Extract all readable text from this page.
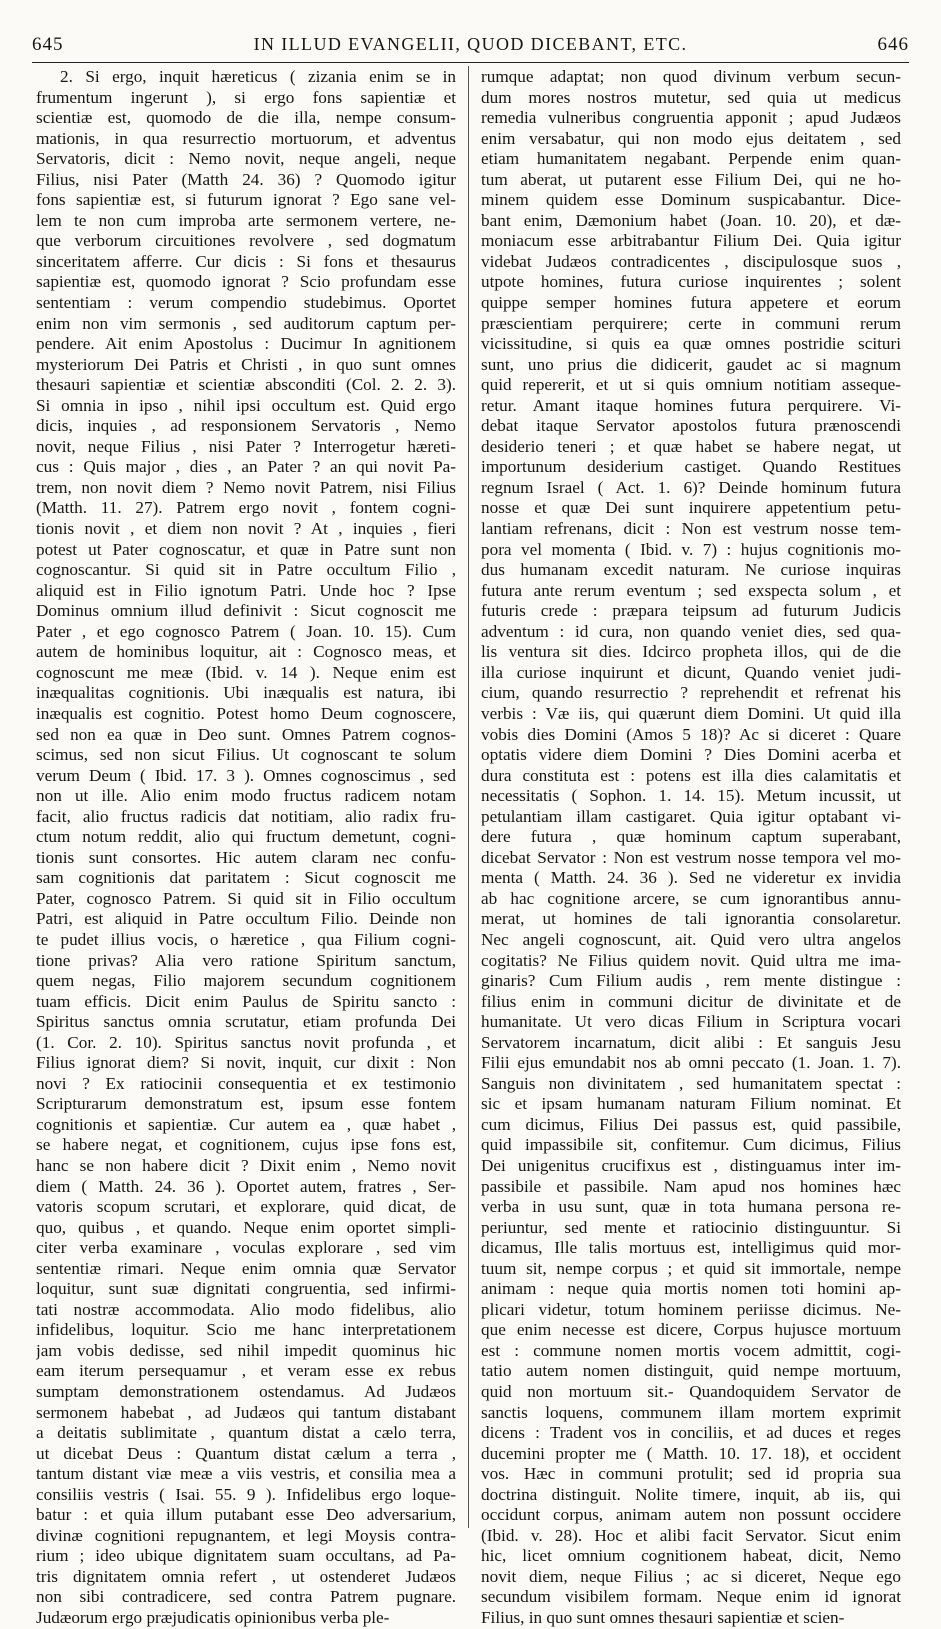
645	IN ILLUD EVANGELII, QUOD DICEBANT, ETC.	646
2. Si ergo, inquit hæreticus ( zizania enim se in
frumentum ingerunt ), si ergo fons sapientiæ et
scientiæ est, quomodo de die illa, nempe consum-
mationis, in qua resurrectio mortuorum, et adventus
Servatoris, dicit : Nemo novit, neque angeli, neque
Filius, nisi Pater (Matth 24. 36) ? Quomodo igitur
fons sapientiæ est, si futurum ignorat ? Ego sane vel-
lem te non cum improba arte sermonem vertere, ne-
que verborum circuitiones revolvere , sed dogmatum
sinceritatem afferre. Cur dicis : Si fons et thesaurus
sapientiæ est, quomodo ignorat ? Scio profundam esse
sententiam : verum compendio studebimus. Oportet
enim non vim sermonis , sed auditorum captum per-
pendere. Ait enim Apostolus : Ducimur In agnitionem
mysteriorum Dei Patris et Christi , in quo sunt omnes
thesauri sapientiæ et scientiæ absconditi (Col. 2. 2. 3).
Si omnia in ipso , nihil ipsi occultum est. Quid ergo
dicis, inquies , ad responsionem Servatoris , Nemo
novit, neque Filius , nisi Pater ? Interrogetur hæreti-
cus : Quis major , dies , an Pater ? an qui novit Pa-
trem, non novit diem ? Nemo novit Patrem, nisi Filius
(Matth. 11. 27). Patrem ergo novit , fontem cogni-
tionis novit , et diem non novit ? At , inquies , fieri
potest ut Pater cognoscatur, et quæ in Patre sunt non
cognoscantur. Si quid sit in Patre occultum Filio ,
aliquid est in Filio ignotum Patri. Unde hoc ? Ipse
Dominus omnium illud definivit : Sicut cognoscit me
Pater , et ego cognosco Patrem ( Joan. 10. 15). Cum
autem de hominibus loquitur, ait : Cognosco meas, et
cognoscunt me meæ (Ibid. v. 14 ). Neque enim est
inæqualitas cognitionis. Ubi inæqualis est natura, ibi
inæqualis est cognitio. Potest homo Deum cognoscere,
sed non ea quæ in Deo sunt. Omnes Patrem cognos-
scimus, sed non sicut Filius. Ut cognoscant te solum
verum Deum ( Ibid. 17. 3 ). Omnes cognoscimus , sed
non ut ille. Alio enim modo fructus radicem notam
facit, alio fructus radicis dat notitiam, alio radix fru-
ctum notum reddit, alio qui fructum demetunt, cogni-
tionis sunt consortes. Hic autem claram nec confu-
sam cognitionis dat paritatem : Sicut cognoscit me
Pater, cognosco Patrem. Si quid sit in Filio occultum
Patri, est aliquid in Patre occultum Filio. Deinde non
te pudet illius vocis, o hæretice , qua Filium cogni-
tione privas? Alia vero ratione Spiritum sanctum,
quem negas, Filio majorem secundum cognitionem
tuam efficis. Dicit enim Paulus de Spiritu sancto :
Spiritus sanctus omnia scrutatur, etiam profunda Dei
(1. Cor. 2. 10). Spiritus sanctus novit profunda , et
Filius ignorat diem? Si novit, inquit, cur dixit : Non
novi ? Ex ratiocinii consequentia et ex testimonio
Scripturarum demonstratum est, ipsum esse fontem
cognitionis et sapientiæ. Cur autem ea , quæ habet ,
se habere negat, et cognitionem, cujus ipse fons est,
hanc se non habere dicit ? Dixit enim , Nemo novit
diem ( Matth. 24. 36 ). Oportet autem, fratres , Ser-
vatoris scopum scrutari, et explorare, quid dicat, de
quo, quibus , et quando. Neque enim oportet simpli-
citer verba examinare , voculas explorare , sed vim
sententiæ rimari. Neque enim omnia quæ Servator
loquitur, sunt suæ dignitati congruentia, sed infirmi-
tati nostræ accommodata. Alio modo fidelibus, alio
infidelibus, loquitur. Scio me hanc interpretationem
jam vobis dedisse, sed nihil impedit quominus hic
eam iterum persequamur , et veram esse ex rebus
sumptam demonstrationem ostendamus. Ad Judæos
sermonem habebat , ad Judæos qui tantum distabant
a deitatis sublimitate , quantum distat a cælo terra,
ut dicebat Deus : Quantum distat cælum a terra ,
tantum distant viæ meæ a viis vestris, et consilia mea a
consiliis vestris ( Isai. 55. 9 ). Infidelibus ergo loque-
batur : et quia illum putabant esse Deo adversarium,
divinæ cognitioni repugnantem, et legi Moysis contra-
rium ; ideo ubique dignitatem suam occultans, ad Pa-
tris dignitatem omnia refert , ut ostenderet Judæos
non sibi contradicere, sed contra Patrem pugnare.
Judæorum ergo præjudicatis opinionibus verba ple-
rumque adaptat; non quod divinum verbum secun-
dum mores nostros mutetur, sed quia ut medicus
remedia vulneribus congruentia apponit ; apud Judæos
enim versabatur, qui non modo ejus deitatem , sed
etiam humanitatem negabant. Perpende enim quan-
tum aberat, ut putarent esse Filium Dei, qui ne ho-
minem quidem esse Dominum suspicabantur. Dice-
bant enim, Dæmonium habet (Joan. 10. 20), et dæ-
moniacum esse arbitrabantur Filium Dei. Quia igitur
videbat Judæos contradicentes , discipulosque suos ,
utpote homines, futura curiose inquirentes ; solent
quippe semper homines futura appetere et eorum
præscientiam perquirere; certe in communi rerum
vicissitudine, si quis ea quæ omnes postridie scituri
sunt, uno prius die didicerit, gaudet ac si magnum
quid repererit, et ut si quis omnium notitiam asseque-
retur. Amant itaque homines futura perquirere. Vi-
debat itaque Servator apostolos futura prænoscendi
desiderio teneri ; et quæ habet se habere negat, ut
importunum desiderium castiget. Quando Restitues
regnum Israel ( Act. 1. 6)? Deinde hominum futura
nosse et quæ Dei sunt inquirere appetentium petu-
lantiam refrenans, dicit : Non est vestrum nosse tem-
pora vel momenta ( Ibid. v. 7) : hujus cognitionis mo-
dus humanam excedit naturam. Ne curiose inquiras
futura ante rerum eventum ; sed exspecta solum , et
futuris crede : præpara teipsum ad futurum Judicis
adventum : id cura, non quando veniet dies, sed qua-
lis ventura sit dies. Idcirco propheta illos, qui de die
illa curiose inquirunt et dicunt, Quando veniet judi-
cium, quando resurrectio ? reprehendit et refrenat his
verbis : Væ iis, qui quærunt diem Domini. Ut quid illa
vobis dies Domini (Amos 5 18)? Ac si diceret : Quare
optatis videre diem Domini ? Dies Domini acerba et
dura constituta est : potens est illa dies calamitatis et
necessitatis ( Sophon. 1. 14. 15). Metum incussit, ut
petulantiam illam castigaret. Quia igitur optabant vi-
dere futura , quæ hominum captum superabant,
dicebat Servator : Non est vestrum nosse tempora vel mo-
menta ( Matth. 24. 36 ). Sed ne videretur ex invidia
ab hac cognitione arcere, se cum ignorantibus annu-
merat, ut homines de tali ignorantia consolaretur.
Nec angeli cognoscunt, ait. Quid vero ultra angelos
cogitatis? Ne Filius quidem novit. Quid ultra me ima-
ginaris? Cum Filium audis , rem mente distingue :
filius enim in communi dicitur de divinitate et de
humanitate. Ut vero dicas Filium in Scriptura vocari
Servatorem incarnatum, dicit alibi : Et sanguis Jesu
Filii ejus emundabit nos ab omni peccato (1. Joan. 1. 7).
Sanguis non divinitatem , sed humanitatem spectat :
sic et ipsam humanam naturam Filium nominat. Et
cum dicimus, Filius Dei passus est, quid passibile,
quid impassibile sit, confitemur. Cum dicimus, Filius
Dei unigenitus crucifixus est , distinguamus inter im-
passibile et passibile. Nam apud nos homines hæc
verba in usu sunt, quæ in tota humana persona re-
periuntur, sed mente et ratiocinio distinguuntur. Si
dicamus, Ille talis mortuus est, intelligimus quid mor-
tuum sit, nempe corpus ; et quid sit immortale, nempe
animam : neque quia mortis nomen toti homini ap-
plicari videtur, totum hominem periisse dicimus. Ne-
que enim necesse est dicere, Corpus hujusce mortuum
est : commune nomen mortis vocem admittit, cogi-
tatio autem nomen distinguit, quid nempe mortuum,
quid non mortuum sit.- Quandoquidem Servator de
sanctis loquens, communem illam mortem exprimit
dicens : Tradent vos in conciliis, et ad duces et reges
ducemini propter me ( Matth. 10. 17. 18), et occident
vos. Hæc in communi protulit; sed id propria sua
doctrina distinguit. Nolite timere, inquit, ab iis, qui
occidunt corpus, animam autem non possunt occidere
(Ibid. v. 28). Hoc et alibi facit Servator. Sicut enim
hic, licet omnium cognitionem habeat, dicit, Nemo
novit diem, neque Filius ; ac si diceret, Neque ego
secundum visibilem formam. Neque enim id ignorat
Filius, in quo sunt omnes thesauri sapientiæ et scien-
